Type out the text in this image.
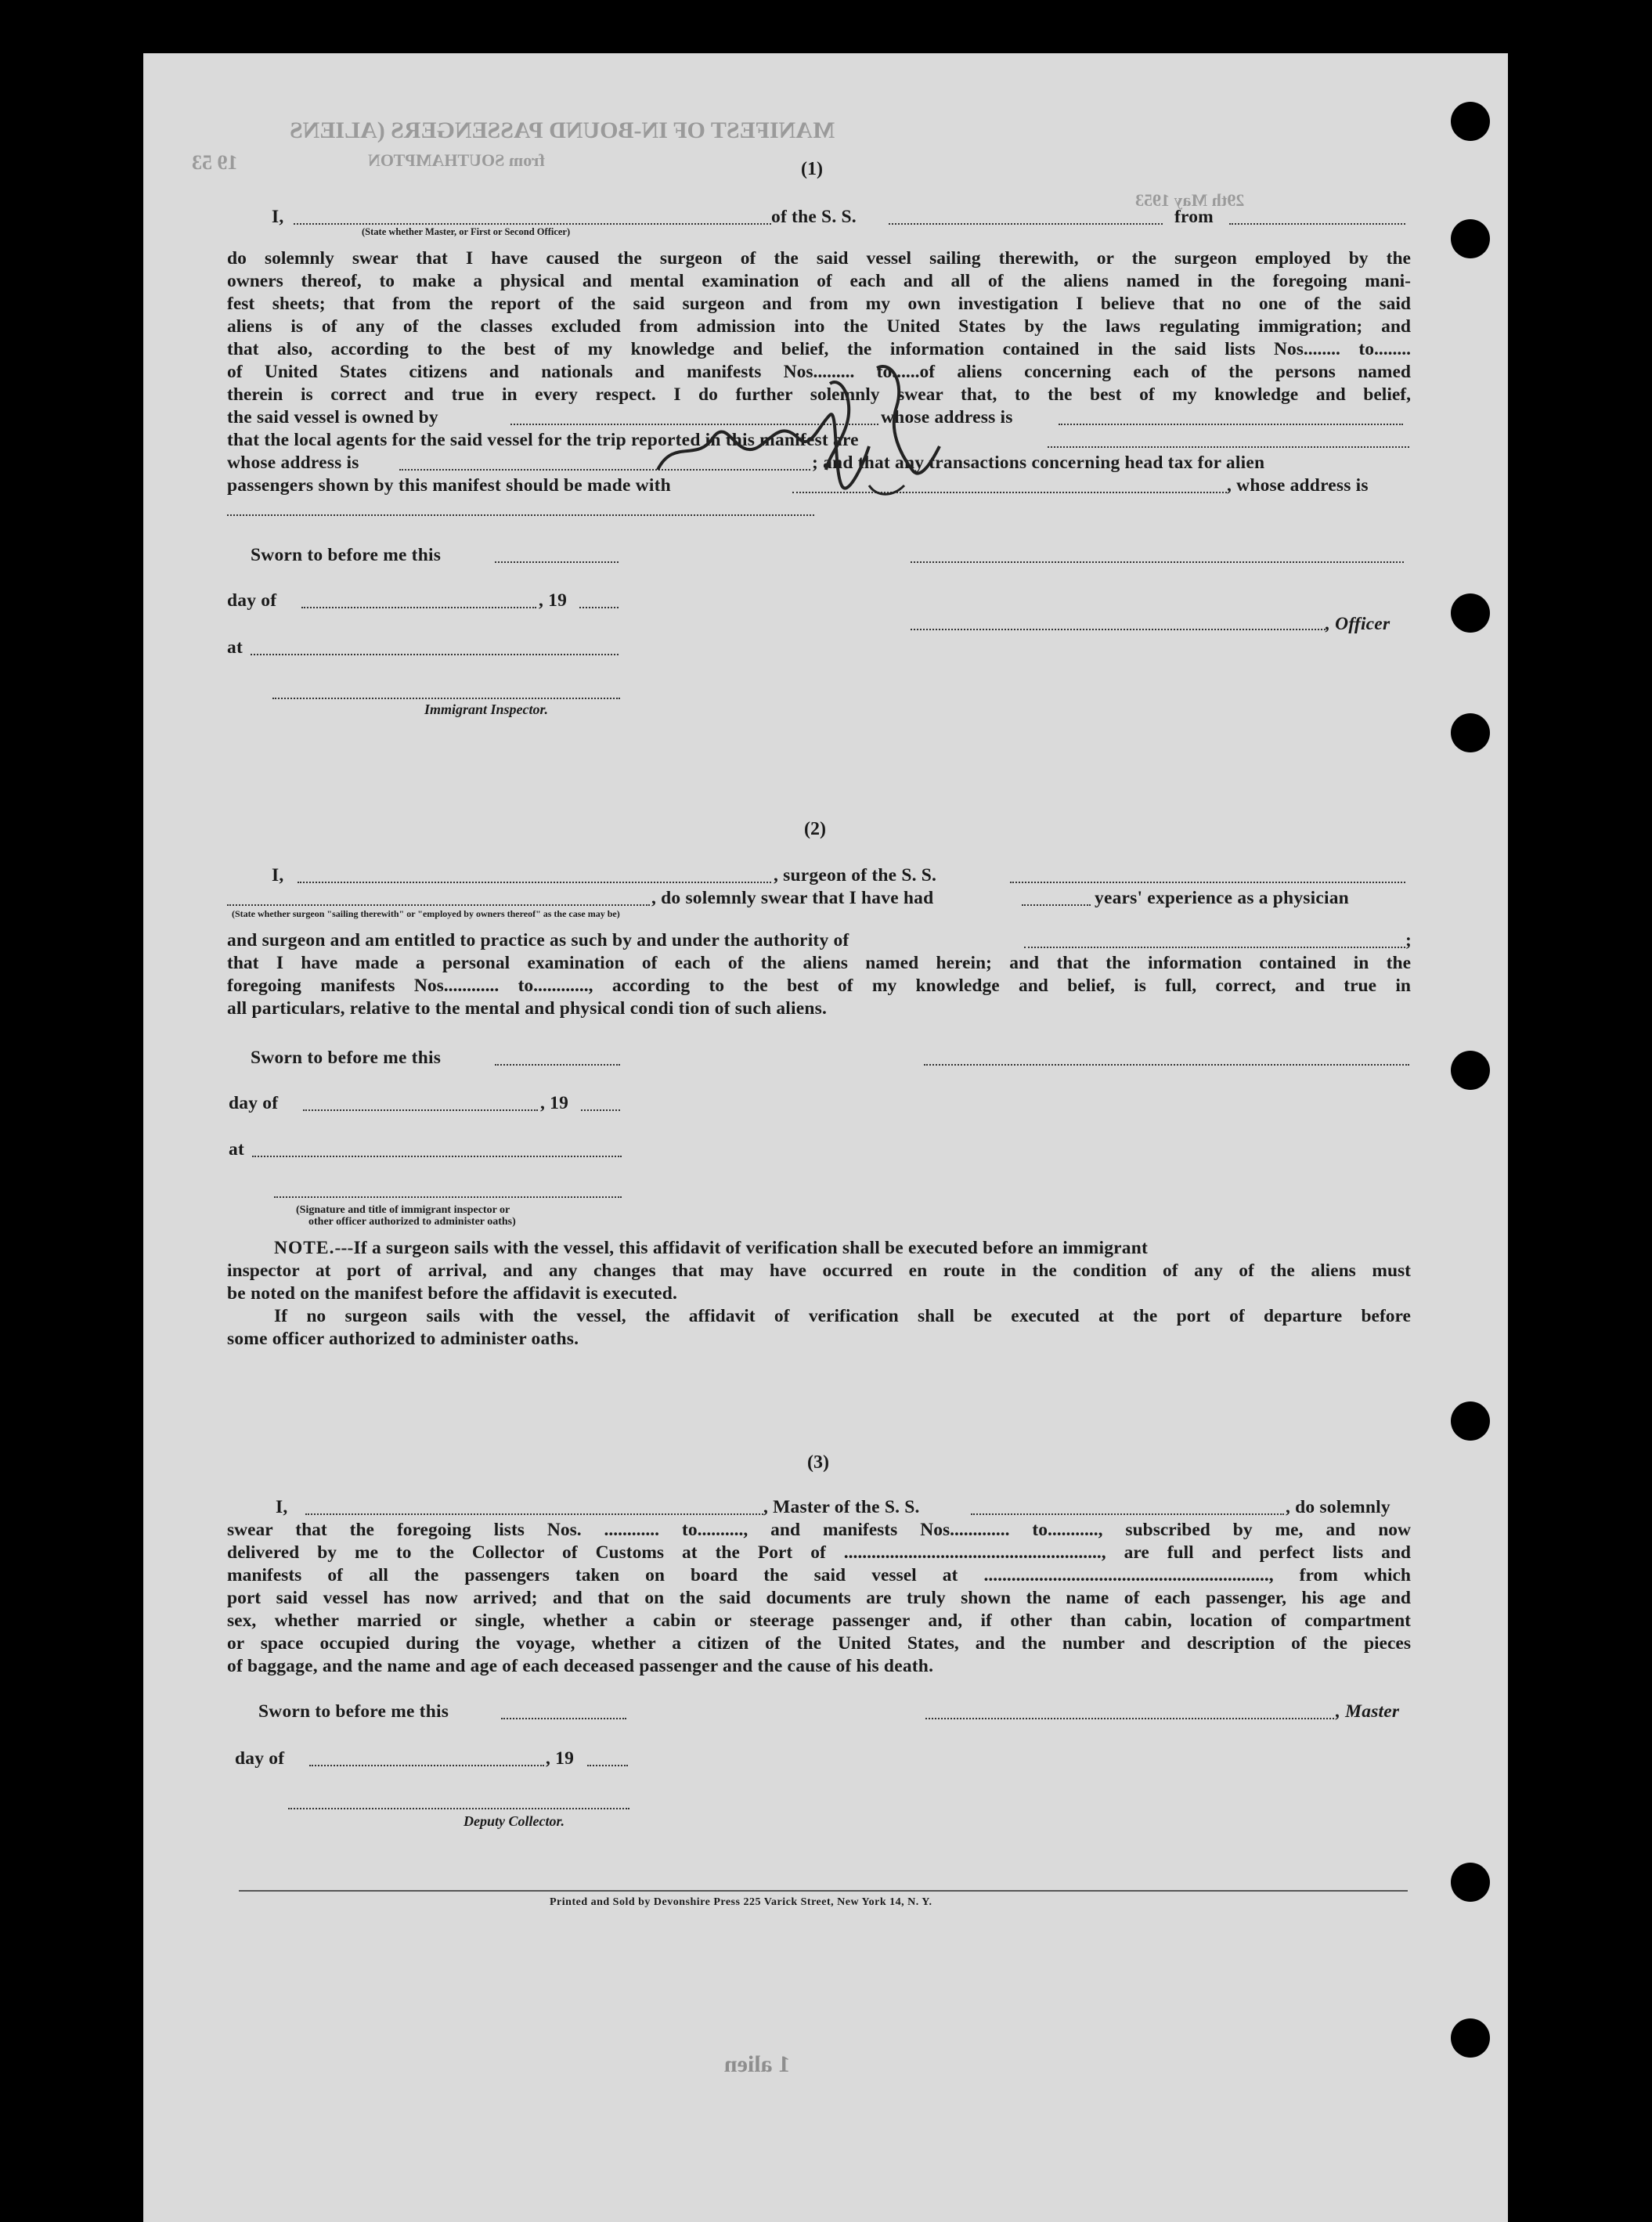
MANIFEST OF IN-BOUND PASSENGERS (ALIENS
from SOUTHAMPTON
29th May 1953
19 53	(1)
I,	of the S. S.	from
(State whether Master, or First or Second Officer)
do solemnly swear that I have caused the surgeon of the said vessel sailing therewith, or the surgeon employed by the
owners thereof, to make a physical and mental examination of each and all of the aliens named in the foregoing mani-
fest sheets; that from the report of the said surgeon and from my own investigation I believe that no one of the said
aliens is of any of the classes excluded from admission into the United States by the laws regulating immigration; and
that also, according to the best of my knowledge and belief, the information contained in the said lists Nos........ to........
of United States citizens and nationals and manifests Nos......... to......of aliens concerning each of the persons named
therein is correct and true in every respect. I do further solemnly swear that, to the best of my knowledge and belief,
the said vessel is owned by	whose address is
that the local agents for the said vessel for the trip reported in this manifest are
whose address is	; and that any transactions concerning head tax for alien
passengers shown by this manifest should be made with	, whose address is
Sworn to before me this
day of	, 19
, Officer
at
Immigrant Inspector.
(2)
I,	, surgeon of the S. S.
, do solemnly swear that I have had	years' experience as a physician
(State whether surgeon "sailing therewith" or "employed by owners thereof" as the case may be)
and surgeon and am entitled to practice as such by and under the authority of	;
that I have made a personal examination of each of the aliens named herein; and that the information contained in the
foregoing manifests Nos............ to............, according to the best of my knowledge and belief, is full, correct, and true in
all particulars, relative to the mental and physical condi tion of such aliens.
Sworn to before me this
day of	, 19
at
(Signature and title of immigrant inspector or
other officer authorized to administer oaths)
NOTE.---If a surgeon sails with the vessel, this affidavit of verification shall be executed before an immigrant
inspector at port of arrival, and any changes that may have occurred en route in the condition of any of the aliens must
be noted on the manifest before the affidavit is executed.
If no surgeon sails with the vessel, the affidavit of verification shall be executed at the port of departure before
some officer authorized to administer oaths.
(3)
I,	, Master of the S. S.	, do solemnly
swear that the foregoing lists Nos. ............ to.........., and manifests Nos............. to..........., subscribed by me, and now
delivered by me to the Collector of Customs at the Port of ........................................................, are full and perfect lists and
manifests of all the passengers taken on board the said vessel at .............................................................., from which
port said vessel has now arrived; and that on the said documents are truly shown the name of each passenger, his age and
sex, whether married or single, whether a cabin or steerage passenger and, if other than cabin, location of compartment
or space occupied during the voyage, whether a citizen of the United States, and the number and description of the pieces
of baggage, and the name and age of each deceased passenger and the cause of his death.
Sworn to before me this	, Master
day of	, 19
Deputy Collector.
Printed and Sold by Devonshire Press 225 Varick Street, New York 14, N. Y.
1 alien
